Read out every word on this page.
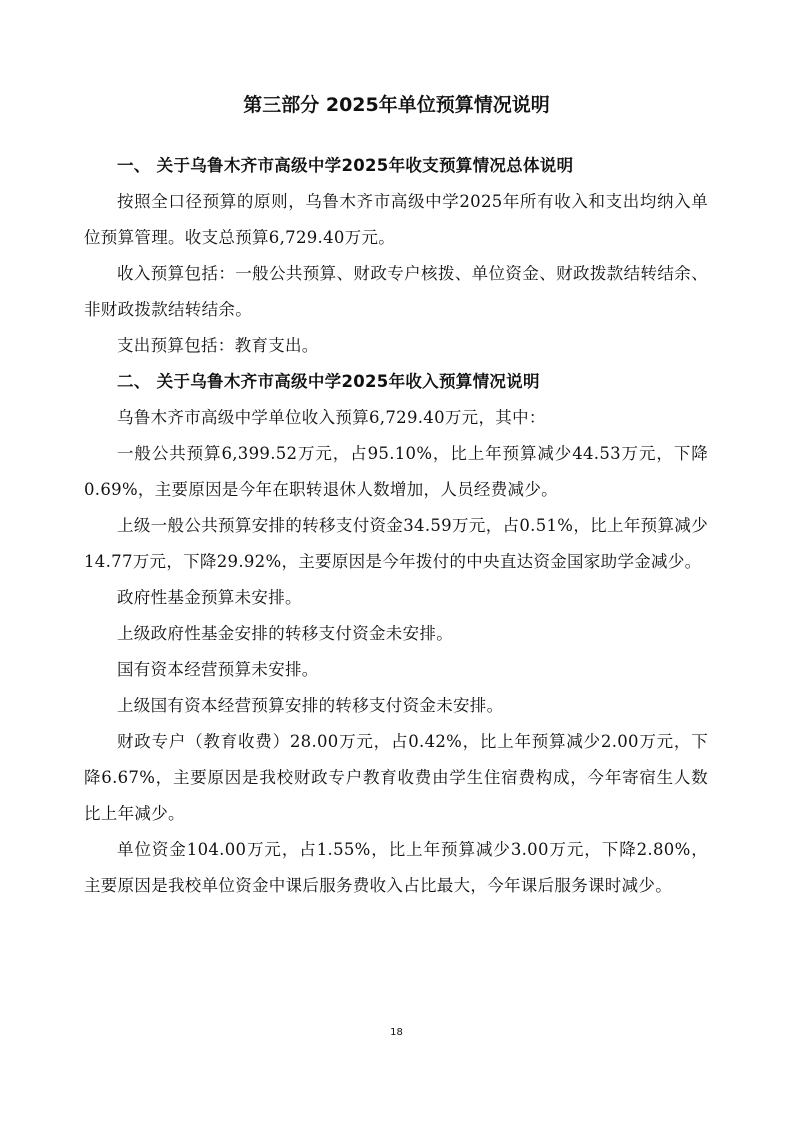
第三部分 2025年单位预算情况说明
一、 关于乌鲁木齐市高级中学2025年收支预算情况总体说明

按照全口径预算的原则，乌鲁木齐市高级中学2025年所有收入和支出均纳入单位预算管理。收支总预算6,729.40万元。

收入预算包括：一般公共预算、财政专户核拨、单位资金、财政拨款结转结余、非财政拨款结转结余。

支出预算包括：教育支出。

二、 关于乌鲁木齐市高级中学2025年收入预算情况说明

乌鲁木齐市高级中学单位收入预算6,729.40万元，其中：

一般公共预算6,399.52万元，占95.10%，比上年预算减少44.53万元，下降0.69%，主要原因是今年在职转退休人数增加，人员经费减少。

上级一般公共预算安排的转移支付资金34.59万元，占0.51%，比上年预算减少14.77万元，下降29.92%，主要原因是今年拨付的中央直达资金国家助学金减少。

政府性基金预算未安排。

上级政府性基金安排的转移支付资金未安排。

国有资本经营预算未安排。

上级国有资本经营预算安排的转移支付资金未安排。

财政专户（教育收费）28.00万元，占0.42%，比上年预算减少2.00万元，下降6.67%，主要原因是我校财政专户教育收费由学生住宿费构成，今年寄宿生人数比上年减少。

单位资金104.00万元，占1.55%，比上年预算减少3.00万元，下降2.80%，主要原因是我校单位资金中课后服务费收入占比最大，今年课后服务课时减少。

18
